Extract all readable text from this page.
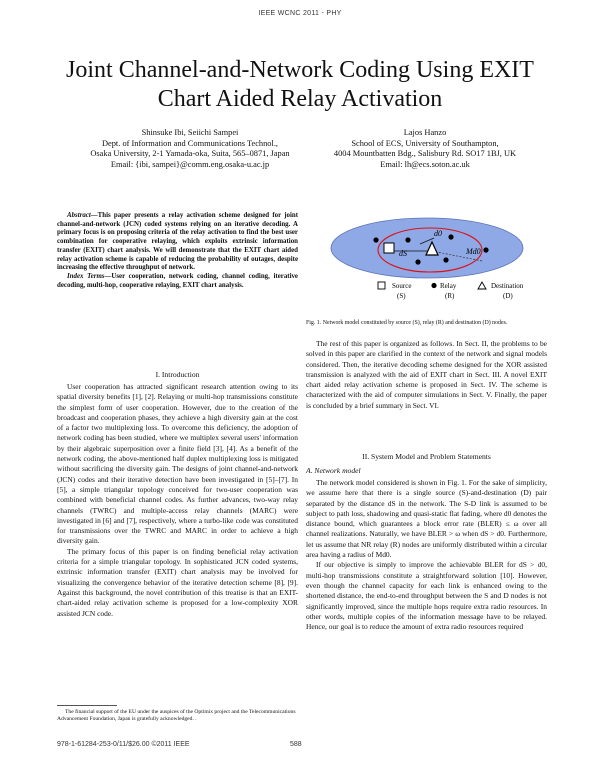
IEEE WCNC 2011 - PHY
Joint Channel-and-Network Coding Using EXIT
Chart Aided Relay Activation
Shinsuke Ibi, Seiichi Sampei
Dept. of Information and Communications Technol.,
Osaka University, 2-1 Yamada-oka, Suita, 565–0871, Japan
Email: {ibi, sampei}@comm.eng.osaka-u.ac.jp
Lajos Hanzo
School of ECS, University of Southampton,
4004 Mountbatten Bdg., Salisbury Rd. SO17 1BJ, UK
Email: lh@ecs.soton.ac.uk
Abstract—This paper presents a relay activation scheme designed for joint channel-and-network (JCN) coded systems relying on an iterative decoding. A primary focus is on proposing criteria of the relay activation to find the best user combination for cooperative relaying, which exploits extrinsic information transfer (EXIT) chart analysis. We will demonstrate that the EXIT chart aided relay activation scheme is capable of reducing the probability of outages, despite increasing the effective throughput of network.
Index Terms—User cooperation, network coding, channel coding, iterative decoding, multi-hop, cooperative relaying, EXIT chart analysis.
I. Introduction

User cooperation has attracted significant research attention owing to its spatial diversity benefits [1], [2]. Relaying or multi-hop transmissions constitute the simplest form of user cooperation. However, due to the creation of the broadcast and cooperation phases, they achieve a high diversity gain at the cost of a factor two multiplexing loss. To overcome this deficiency, the adoption of network coding has been studied, where we multiplex several users' information by their algebraic superposition over a finite field [3], [4]. As a benefit of the network coding, the above-mentioned half duplex multiplexing loss is mitigated without sacrificing the diversity gain. The designs of joint channel-and-network (JCN) codes and their iterative detection have been investigated in [5]–[7]. In [5], a simple triangular topology conceived for two-user cooperation was combined with beneficial channel codes. As further advances, two-way relay channels (TWRC) and multiple-access relay channels (MARC) were investigated in [6] and [7], respectively, where a turbo-like code was constituted for transmissions over the TWRC and MARC in order to achieve a high diversity gain.

The primary focus of this paper is on finding beneficial relay activation criteria for a simple triangular topology. In sophisticated JCN coded systems, extrinsic information transfer (EXIT) chart analysis may be involved for visualizing the convergence behavior of the iterative detection scheme [8], [9]. Against this background, the novel contribution of this treatise is that an EXIT-chart-aided relay activation scheme is proposed for a low-complexity XOR assisted JCN code.

The financial support of the EU under the auspices of the Optimix project and the Telecommunications Advancement Foundation, Japan is gratefully acknowledged. .
dS
d0
Md0
Source
(S)
Relay
(R)
Destination
(D)
Fig. 1. Network model constituted by source (S), relay (R) and destination (D) nodes.

The rest of this paper is organized as follows. In Sect. II, the problems to be solved in this paper are clarified in the context of the network and signal models considered. Then, the iterative decoding scheme designed for the XOR assisted transmission is analyzed with the aid of EXIT chart in Sect. III. A novel EXIT chart aided relay activation scheme is proposed in Sect. IV. The scheme is characterized with the aid of computer simulations in Sect. V. Finally, the paper is concluded by a brief summary in Sect. VI.

II. System Model and Problem Statements
A. Network model

The network model considered is shown in Fig. 1. For the sake of simplicity, we assume here that there is a single source (S)-and-destination (D) pair separated by the distance dS in the network. The S-D link is assumed to be subject to path loss, shadowing and quasi-static flat fading, where d0 denotes the distance bound, which guarantees a block error rate (BLER) ≤ ω over all channel realizations. Naturally, we have BLER > ω when dS > d0. Furthermore, let us assume that NR relay (R) nodes are uniformly distributed within a circular area having a radius of Md0.

If our objective is simply to improve the achievable BLER for dS > d0, multi-hop transmissions constitute a straightforward solution [10]. However, even though the channel capacity for each link is enhanced owing to the shortened distance, the end-to-end throughput between the S and D nodes is not significantly improved, since the multiple hops require extra radio resources. In other words, multiple copies of the information message have to be relayed. Hence, our goal is to reduce the amount of extra radio resources required

978-1-61284-253-0/11/$26.00 ©2011 IEEE	588
